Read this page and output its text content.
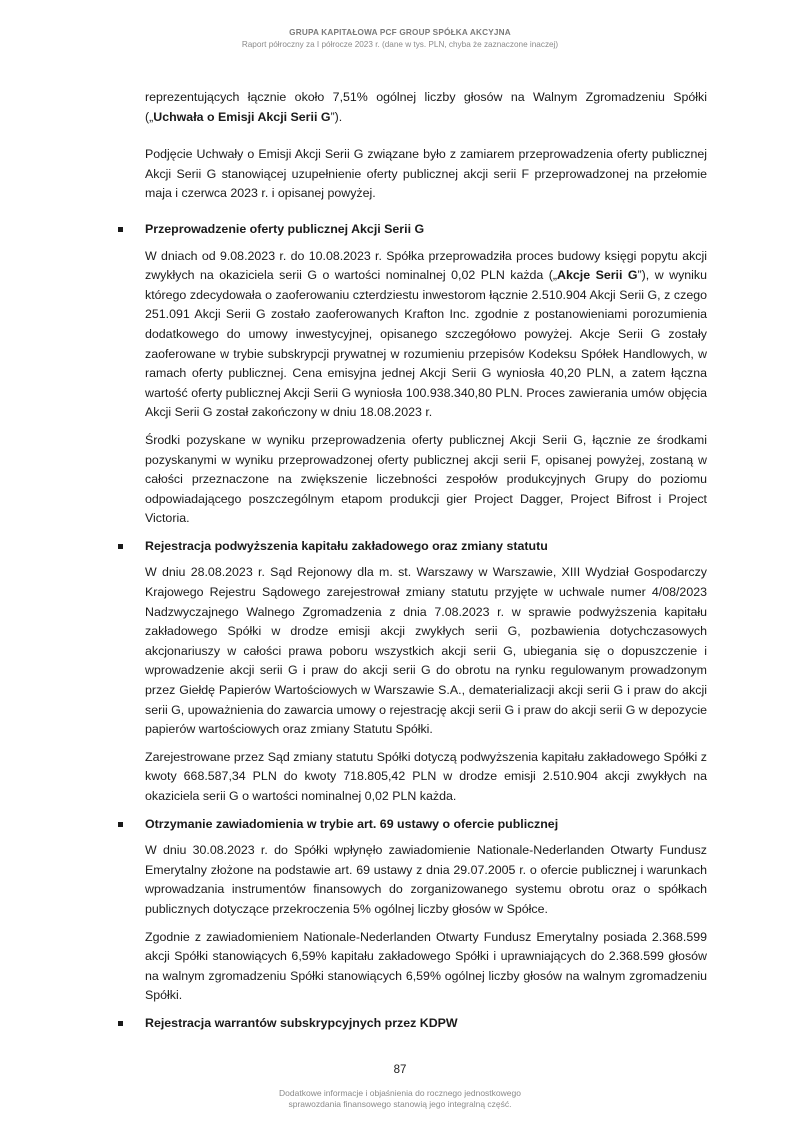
GRUPA KAPITAŁOWA PCF GROUP SPÓŁKA AKCYJNA
Raport półroczny za I półrocze 2023 r. (dane w tys. PLN, chyba że zaznaczone inaczej)

reprezentujących łącznie około 7,51% ogólnej liczby głosów na Walnym Zgromadzeniu Spółki („Uchwała o Emisji Akcji Serii G”).

Podjęcie Uchwały o Emisji Akcji Serii G związane było z zamiarem przeprowadzenia oferty publicznej Akcji Serii G stanowiącej uzupełnienie oferty publicznej akcji serii F przeprowadzonej na przełomie maja i czerwca 2023 r. i opisanej powyżej.

Przeprowadzenie oferty publicznej Akcji Serii G

W dniach od 9.08.2023 r. do 10.08.2023 r. Spółka przeprowadziła proces budowy księgi popytu akcji zwykłych na okaziciela serii G o wartości nominalnej 0,02 PLN każda („Akcje Serii G”), w wyniku którego zdecydowała o zaoferowaniu czterdziestu inwestorom łącznie 2.510.904 Akcji Serii G, z czego 251.091 Akcji Serii G zostało zaoferowanych Krafton Inc. zgodnie z postanowieniami porozumienia dodatkowego do umowy inwestycyjnej, opisanego szczegółowo powyżej. Akcje Serii G zostały zaoferowane w trybie subskrypcji prywatnej w rozumieniu przepisów Kodeksu Spółek Handlowych, w ramach oferty publicznej. Cena emisyjna jednej Akcji Serii G wyniosła 40,20 PLN, a zatem łączna wartość oferty publicznej Akcji Serii G wyniosła 100.938.340,80 PLN. Proces zawierania umów objęcia Akcji Serii G został zakończony w dniu 18.08.2023 r.

Środki pozyskane w wyniku przeprowadzenia oferty publicznej Akcji Serii G, łącznie ze środkami pozyskanymi w wyniku przeprowadzonej oferty publicznej akcji serii F, opisanej powyżej, zostaną w całości przeznaczone na zwiększenie liczebności zespołów produkcyjnych Grupy do poziomu odpowiadającego poszczególnym etapom produkcji gier Project Dagger, Project Bifrost i Project Victoria.

Rejestracja podwyższenia kapitału zakładowego oraz zmiany statutu

W dniu 28.08.2023 r. Sąd Rejonowy dla m. st. Warszawy w Warszawie, XIII Wydział Gospodarczy Krajowego Rejestru Sądowego zarejestrował zmiany statutu przyjęte w uchwale numer 4/08/2023 Nadzwyczajnego Walnego Zgromadzenia z dnia 7.08.2023 r. w sprawie podwyższenia kapitału zakładowego Spółki w drodze emisji akcji zwykłych serii G, pozbawienia dotychczasowych akcjonariuszy w całości prawa poboru wszystkich akcji serii G, ubiegania się o dopuszczenie i wprowadzenie akcji serii G i praw do akcji serii G do obrotu na rynku regulowanym prowadzonym przez Giełdę Papierów Wartościowych w Warszawie S.A., dematerializacji akcji serii G i praw do akcji serii G, upoważnienia do zawarcia umowy o rejestrację akcji serii G i praw do akcji serii G w depozycie papierów wartościowych oraz zmiany Statutu Spółki.

Zarejestrowane przez Sąd zmiany statutu Spółki dotyczą podwyższenia kapitału zakładowego Spółki z kwoty 668.587,34 PLN do kwoty 718.805,42 PLN w drodze emisji 2.510.904 akcji zwykłych na okaziciela serii G o wartości nominalnej 0,02 PLN każda.

Otrzymanie zawiadomienia w trybie art. 69 ustawy o ofercie publicznej

W dniu 30.08.2023 r. do Spółki wpłynęło zawiadomienie Nationale-Nederlanden Otwarty Fundusz Emerytalny złożone na podstawie art. 69 ustawy z dnia 29.07.2005 r. o ofercie publicznej i warunkach wprowadzania instrumentów finansowych do zorganizowanego systemu obrotu oraz o spółkach publicznych dotyczące przekroczenia 5% ogólnej liczby głosów w Spółce.

Zgodnie z zawiadomieniem Nationale-Nederlanden Otwarty Fundusz Emerytalny posiada 2.368.599 akcji Spółki stanowiących 6,59% kapitału zakładowego Spółki i uprawniających do 2.368.599 głosów na walnym zgromadzeniu Spółki stanowiących 6,59% ogólnej liczby głosów na walnym zgromadzeniu Spółki.

Rejestracja warrantów subskrypcyjnych przez KDPW
87
Dodatkowe informacje i objaśnienia do rocznego jednostkowego
sprawozdania finansowego stanowią jego integralną część.
